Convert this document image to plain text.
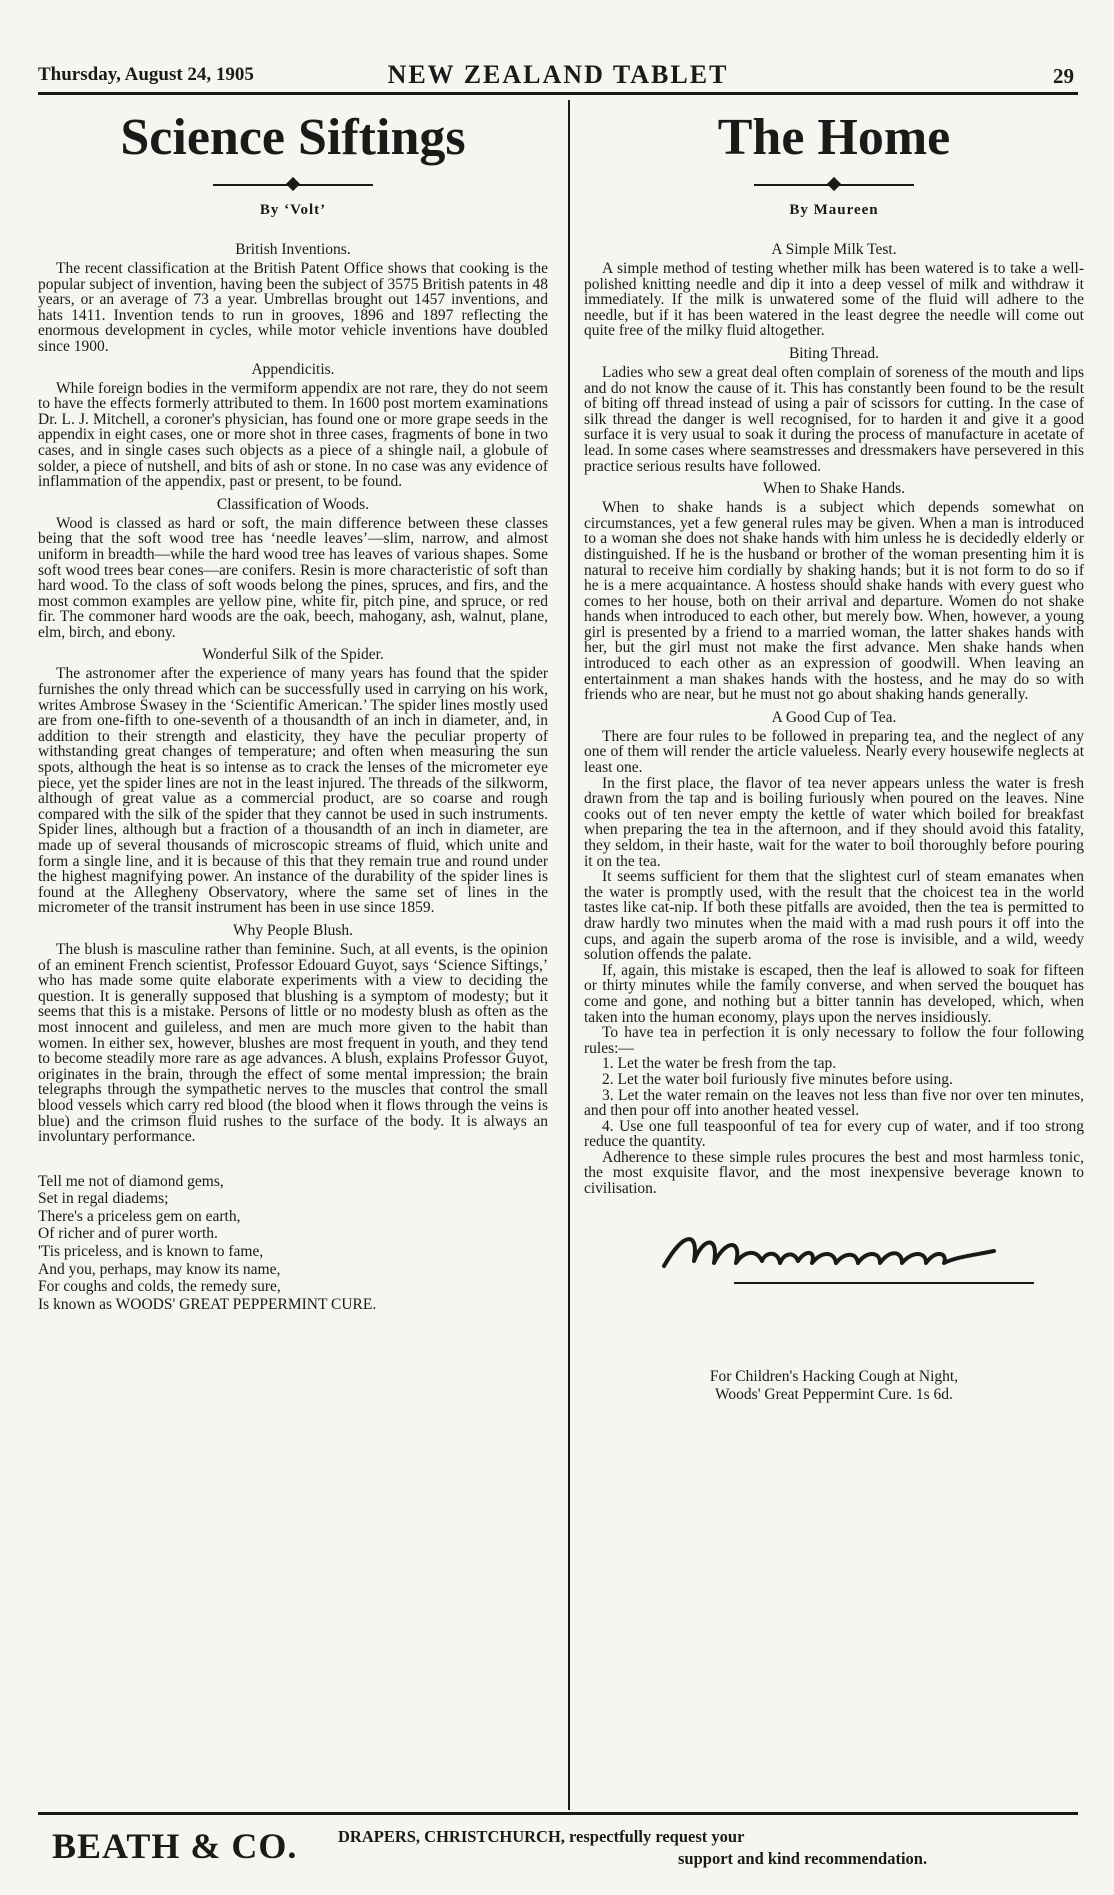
Thursday, August 24, 1905	NEW ZEALAND TABLET	29
Science Siftings
By ‘Volt’
British Inventions.

The recent classification at the British Patent Office shows that cooking is the popular subject of invention, having been the subject of 3575 British patents in 48 years, or an average of 73 a year. Umbrellas brought out 1457 inventions, and hats 1411. Invention tends to run in grooves, 1896 and 1897 reflecting the enormous development in cycles, while motor vehicle inventions have doubled since 1900.

Appendicitis.

While foreign bodies in the vermiform appendix are not rare, they do not seem to have the effects formerly attributed to them. In 1600 post mortem examinations Dr. L. J. Mitchell, a coroner's physician, has found one or more grape seeds in the appendix in eight cases, one or more shot in three cases, fragments of bone in two cases, and in single cases such objects as a piece of a shingle nail, a globule of solder, a piece of nutshell, and bits of ash or stone. In no case was any evidence of inflammation of the appendix, past or present, to be found.

Classification of Woods.

Wood is classed as hard or soft, the main difference between these classes being that the soft wood tree has ‘needle leaves’—slim, narrow, and almost uniform in breadth—while the hard wood tree has leaves of various shapes. Some soft wood trees bear cones—are conifers. Resin is more characteristic of soft than hard wood. To the class of soft woods belong the pines, spruces, and firs, and the most common examples are yellow pine, white fir, pitch pine, and spruce, or red fir. The commoner hard woods are the oak, beech, mahogany, ash, walnut, plane, elm, birch, and ebony.

Wonderful Silk of the Spider.

The astronomer after the experience of many years has found that the spider furnishes the only thread which can be successfully used in carrying on his work, writes Ambrose Swasey in the ‘Scientific American.’ The spider lines mostly used are from one-fifth to one-seventh of a thousandth of an inch in diameter, and, in addition to their strength and elasticity, they have the peculiar property of withstanding great changes of temperature; and often when measuring the sun spots, although the heat is so intense as to crack the lenses of the micrometer eye piece, yet the spider lines are not in the least injured. The threads of the silkworm, although of great value as a commercial product, are so coarse and rough compared with the silk of the spider that they cannot be used in such instruments. Spider lines, although but a fraction of a thousandth of an inch in diameter, are made up of several thousands of microscopic streams of fluid, which unite and form a single line, and it is because of this that they remain true and round under the highest magnifying power. An instance of the durability of the spider lines is found at the Allegheny Observatory, where the same set of lines in the micrometer of the transit instrument has been in use since 1859.

Why People Blush.

The blush is masculine rather than feminine. Such, at all events, is the opinion of an eminent French scientist, Professor Edouard Guyot, says ‘Science Siftings,’ who has made some quite elaborate experiments with a view to deciding the question. It is generally supposed that blushing is a symptom of modesty; but it seems that this is a mistake. Persons of little or no modesty blush as often as the most innocent and guileless, and men are much more given to the habit than women. In either sex, however, blushes are most frequent in youth, and they tend to become steadily more rare as age advances. A blush, explains Professor Guyot, originates in the brain, through the effect of some mental impression; the brain telegraphs through the sympathetic nerves to the muscles that control the small blood vessels which carry red blood (the blood when it flows through the veins is blue) and the crimson fluid rushes to the surface of the body. It is always an involuntary performance.

Tell me not of diamond gems,
Set in regal diadems;
There's a priceless gem on earth,
Of richer and of purer worth.
'Tis priceless, and is known to fame,
And you, perhaps, may know its name,
For coughs and colds, the remedy sure,
Is known as WOODS' GREAT PEPPERMINT CURE.
The Home
By Maureen
A Simple Milk Test.

A simple method of testing whether milk has been watered is to take a well-polished knitting needle and dip it into a deep vessel of milk and withdraw it immediately. If the milk is unwatered some of the fluid will adhere to the needle, but if it has been watered in the least degree the needle will come out quite free of the milky fluid altogether.

Biting Thread.

Ladies who sew a great deal often complain of soreness of the mouth and lips and do not know the cause of it. This has constantly been found to be the result of biting off thread instead of using a pair of scissors for cutting. In the case of silk thread the danger is well recognised, for to harden it and give it a good surface it is very usual to soak it during the process of manufacture in acetate of lead. In some cases where seamstresses and dressmakers have persevered in this practice serious results have followed.

When to Shake Hands.

When to shake hands is a subject which depends somewhat on circumstances, yet a few general rules may be given. When a man is introduced to a woman she does not shake hands with him unless he is decidedly elderly or distinguished. If he is the husband or brother of the woman presenting him it is natural to receive him cordially by shaking hands; but it is not form to do so if he is a mere acquaintance. A hostess should shake hands with every guest who comes to her house, both on their arrival and departure. Women do not shake hands when introduced to each other, but merely bow. When, however, a young girl is presented by a friend to a married woman, the latter shakes hands with her, but the girl must not make the first advance. Men shake hands when introduced to each other as an expression of goodwill. When leaving an entertainment a man shakes hands with the hostess, and he may do so with friends who are near, but he must not go about shaking hands generally.

A Good Cup of Tea.

There are four rules to be followed in preparing tea, and the neglect of any one of them will render the article valueless. Nearly every housewife neglects at least one.

In the first place, the flavor of tea never appears unless the water is fresh drawn from the tap and is boiling furiously when poured on the leaves. Nine cooks out of ten never empty the kettle of water which boiled for breakfast when preparing the tea in the afternoon, and if they should avoid this fatality, they seldom, in their haste, wait for the water to boil thoroughly before pouring it on the tea.

It seems sufficient for them that the slightest curl of steam emanates when the water is promptly used, with the result that the choicest tea in the world tastes like cat-nip. If both these pitfalls are avoided, then the tea is permitted to draw hardly two minutes when the maid with a mad rush pours it off into the cups, and again the superb aroma of the rose is invisible, and a wild, weedy solution offends the palate.

If, again, this mistake is escaped, then the leaf is allowed to soak for fifteen or thirty minutes while the family converse, and when served the bouquet has come and gone, and nothing but a bitter tannin has developed, which, when taken into the human economy, plays upon the nerves insidiously.

To have tea in perfection it is only necessary to follow the four following rules:—

1. Let the water be fresh from the tap.

2. Let the water boil furiously five minutes before using.

3. Let the water remain on the leaves not less than five nor over ten minutes, and then pour off into another heated vessel.

4. Use one full teaspoonful of tea for every cup of water, and if too strong reduce the quantity.

Adherence to these simple rules procures the best and most harmless tonic, the most exquisite flavor, and the most inexpensive beverage known to civilisation.

For Children's Hacking Cough at Night,
Woods' Great Peppermint Cure. 1s 6d.
BEATH & CO. DRAPERS, CHRISTCHURCH, respectfully request your
support and kind recommendation.
